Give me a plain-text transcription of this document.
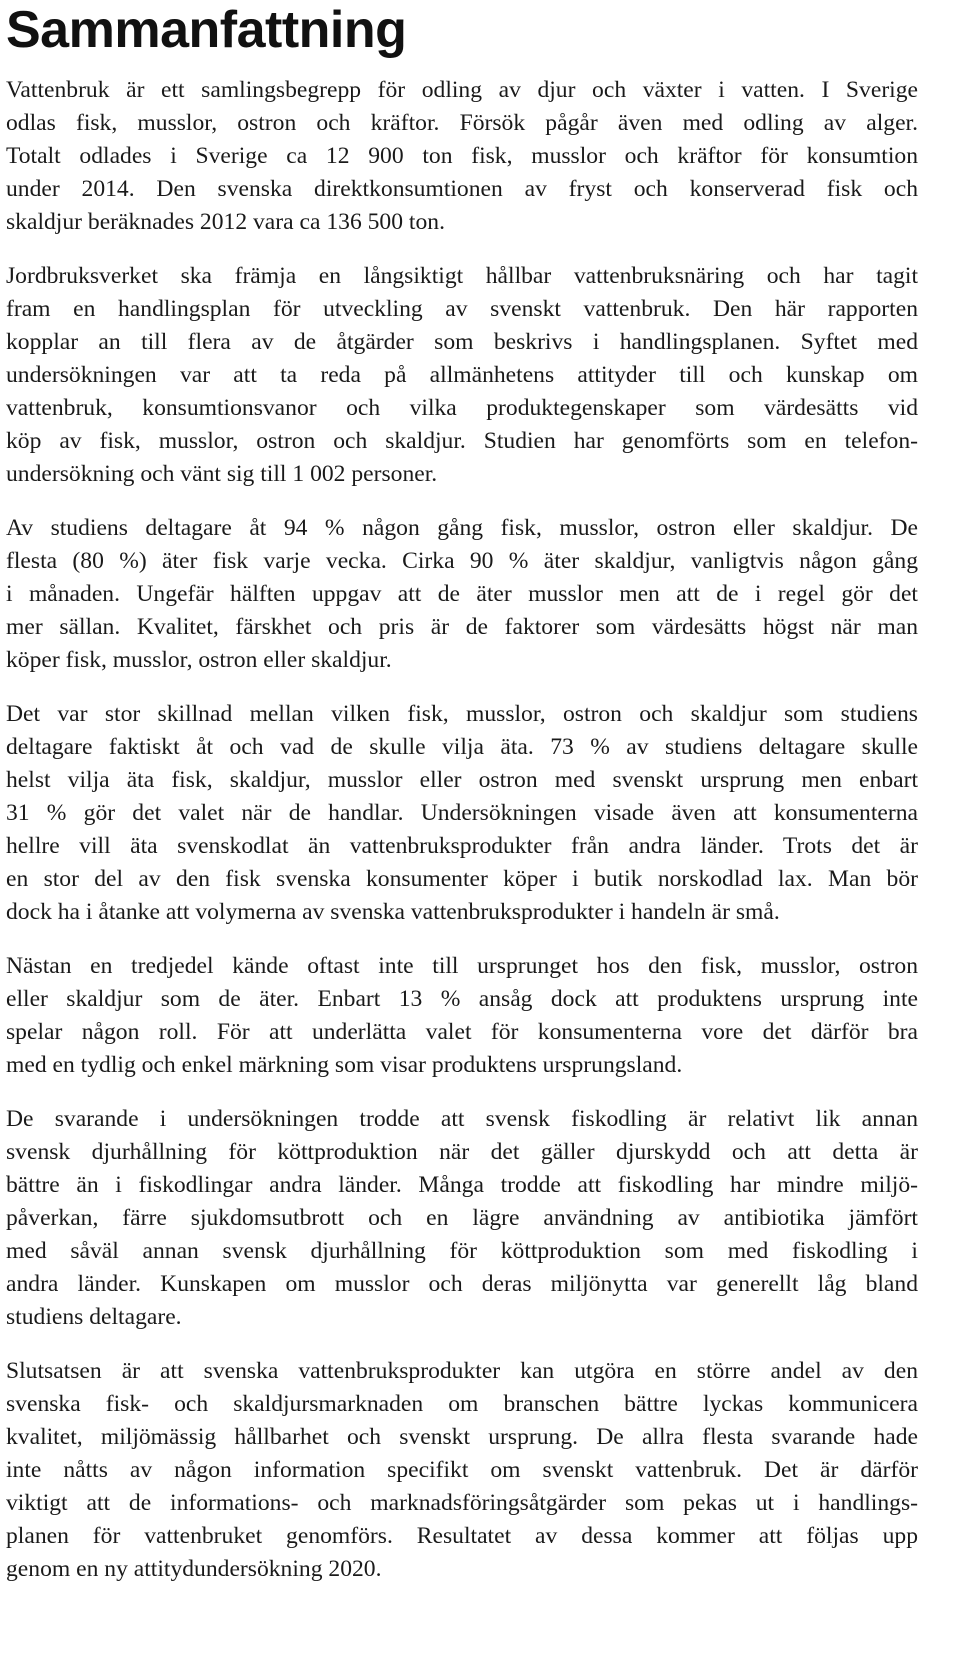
Sammanfattning
Vattenbruk är ett samlingsbegrepp för odling av djur och växter i vatten. I Sverige
odlas fisk, musslor, ostron och kräftor. Försök pågår även med odling av alger.
Totalt odlades i Sverige ca 12 900 ton fisk, musslor och kräftor för konsumtion
under 2014. Den svenska direktkonsumtionen av fryst och konserverad fisk och
skaldjur beräknades 2012 vara ca 136 500 ton.
Jordbruksverket ska främja en långsiktigt hållbar vattenbruksnäring och har tagit
fram en handlingsplan för utveckling av svenskt vattenbruk. Den här rapporten
kopplar an till flera av de åtgärder som beskrivs i handlingsplanen. Syftet med
undersökningen var att ta reda på allmänhetens attityder till och kunskap om
vattenbruk, konsumtionsvanor och vilka produktegenskaper som värdesätts vid
köp av fisk, musslor, ostron och skaldjur. Studien har genomförts som en telefon-
undersökning och vänt sig till 1 002 personer.
Av studiens deltagare åt 94 % någon gång fisk, musslor, ostron eller skaldjur. De
flesta (80 %) äter fisk varje vecka. Cirka 90 % äter skaldjur, vanligtvis någon gång
i månaden. Ungefär hälften uppgav att de äter musslor men att de i regel gör det
mer sällan. Kvalitet, färskhet och pris är de faktorer som värdesätts högst när man
köper fisk, musslor, ostron eller skaldjur.
Det var stor skillnad mellan vilken fisk, musslor, ostron och skaldjur som studiens
deltagare faktiskt åt och vad de skulle vilja äta. 73 % av studiens deltagare skulle
helst vilja äta fisk, skaldjur, musslor eller ostron med svenskt ursprung men enbart
31 % gör det valet när de handlar. Undersökningen visade även att konsumenterna
hellre vill äta svenskodlat än vattenbruksprodukter från andra länder. Trots det är
en stor del av den fisk svenska konsumenter köper i butik norskodlad lax. Man bör
dock ha i åtanke att volymerna av svenska vattenbruksprodukter i handeln är små.
Nästan en tredjedel kände oftast inte till ursprunget hos den fisk, musslor, ostron
eller skaldjur som de äter. Enbart 13 % ansåg dock att produktens ursprung inte
spelar någon roll. För att underlätta valet för konsumenterna vore det därför bra
med en tydlig och enkel märkning som visar produktens ursprungsland.
De svarande i undersökningen trodde att svensk fiskodling är relativt lik annan
svensk djurhållning för köttproduktion när det gäller djurskydd och att detta är
bättre än i fiskodlingar andra länder. Många trodde att fiskodling har mindre miljö-
påverkan, färre sjukdomsutbrott och en lägre användning av antibiotika jämfört
med såväl annan svensk djurhållning för köttproduktion som med fiskodling i
andra länder. Kunskapen om musslor och deras miljönytta var generellt låg bland
studiens deltagare.
Slutsatsen är att svenska vattenbruksprodukter kan utgöra en större andel av den
svenska fisk- och skaldjursmarknaden om branschen bättre lyckas kommunicera
kvalitet, miljömässig hållbarhet och svenskt ursprung. De allra flesta svarande hade
inte nåtts av någon information specifikt om svenskt vattenbruk. Det är därför
viktigt att de informations- och marknadsföringsåtgärder som pekas ut i handlings-
planen för vattenbruket genomförs. Resultatet av dessa kommer att följas upp
genom en ny attitydundersökning 2020.
